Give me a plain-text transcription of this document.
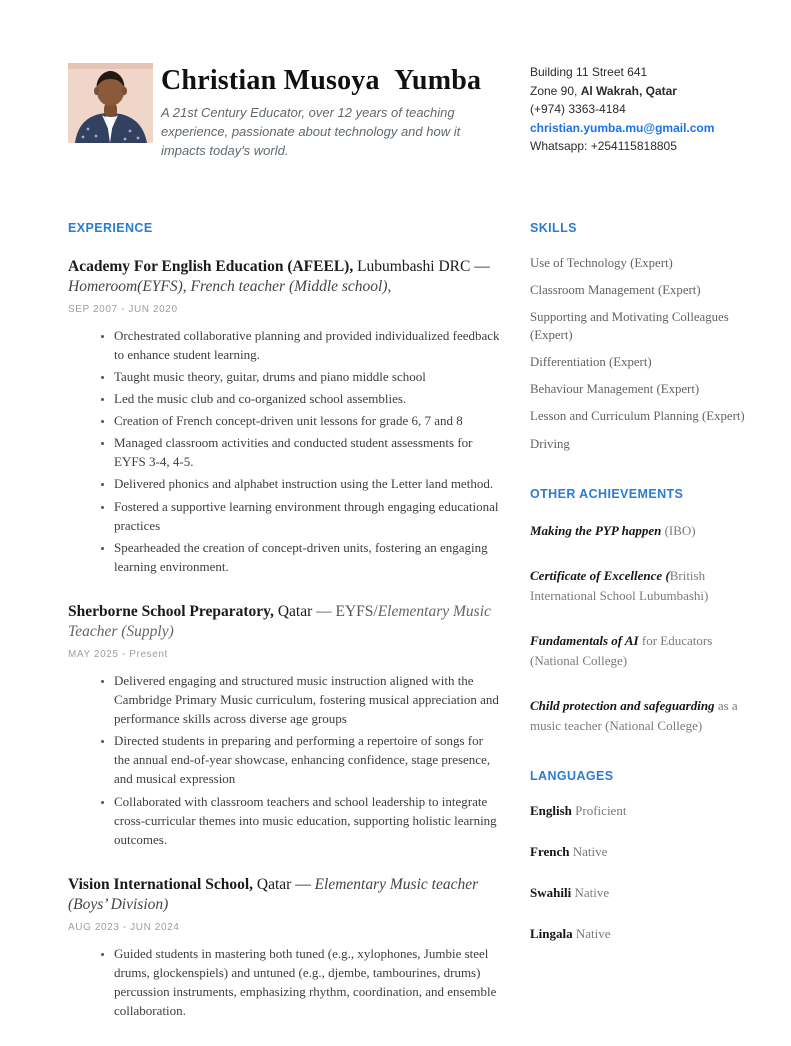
Christian Musoya  Yumba

A 21st Century Educator, over 12 years of teaching experience, passionate about technology and how it impacts today's world.

Building 11 Street 641
Zone 90, Al Wakrah, Qatar
(+974) 3363-4184
christian.yumba.mu@gmail.com
Whatsapp: +254115818805
EXPERIENCE

Academy For English Education (AFEEL), Lubumbashi DRC — Homeroom(EYFS), French teacher (Middle school),

SEP 2007 - JUN 2020

• Orchestrated collaborative planning and provided individualized feedback to enhance student learning.
• Taught music theory, guitar, drums and piano middle school
• Led the music club and co-organized school assemblies.
• Creation of French concept-driven unit lessons for grade 6, 7 and 8
• Managed classroom activities and conducted student assessments for EYFS 3-4, 4-5.
• Delivered phonics and alphabet instruction using the Letter land method.
• Fostered a supportive learning environment through engaging educational practices
• Spearheaded the creation of concept-driven units, fostering an engaging learning environment.

Sherborne School Preparatory, Qatar — EYFS/Elementary Music Teacher (Supply)

MAY 2025 - Present

• Delivered engaging and structured music instruction aligned with the Cambridge Primary Music curriculum, fostering musical appreciation and performance skills across diverse age groups
• Directed students in preparing and performing a repertoire of songs for the annual end-of-year showcase, enhancing confidence, stage presence, and musical expression
• Collaborated with classroom teachers and school leadership to integrate cross-curricular themes into music education, supporting holistic learning outcomes.

Vision International School, Qatar — Elementary Music teacher (Boys’ Division)

AUG 2023 - JUN 2024

• Guided students in mastering both tuned (e.g., xylophones, Jumbie steel drums, glockenspiels) and untuned (e.g., djembe, tambourines, drums) percussion instruments, emphasizing rhythm, coordination, and ensemble collaboration.
SKILLS
Use of Technology (Expert)
Classroom Management (Expert)
Supporting and Motivating Colleagues (Expert)
Differentiation (Expert)
Behaviour Management (Expert)
Lesson and Curriculum Planning (Expert)
Driving
OTHER ACHIEVEMENTS
Making the PYP happen (IBO)
Certificate of Excellence (British International School Lubumbashi)
Fundamentals of AI for Educators (National College)
Child protection and safeguarding as a music teacher (National College)
LANGUAGES
English Proficient
French Native
Swahili Native
Lingala Native
